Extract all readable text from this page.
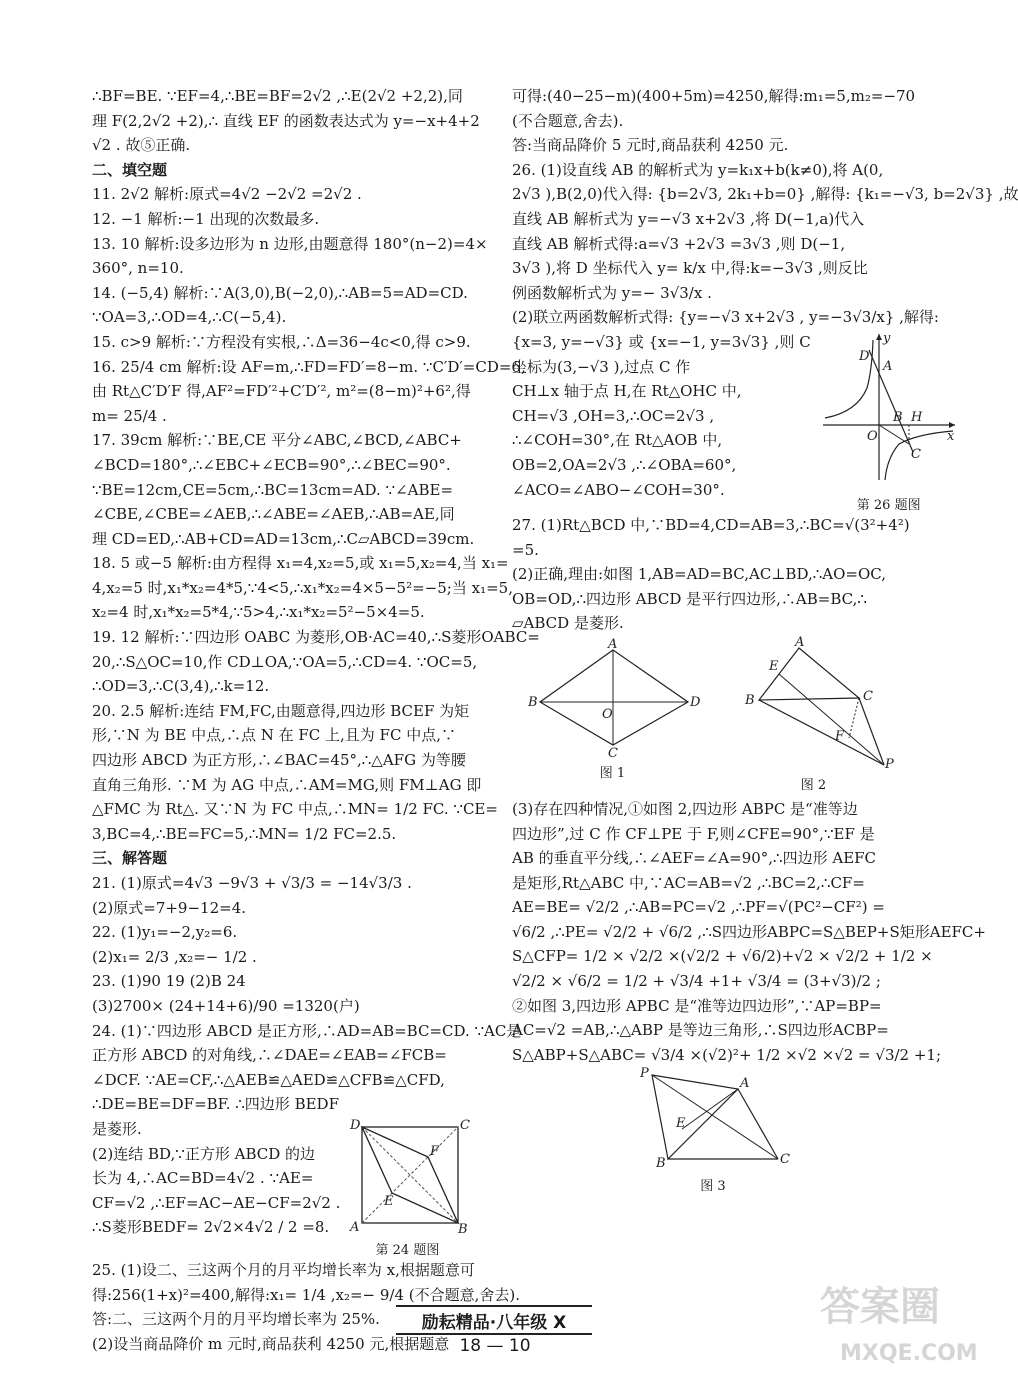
∴BF=BE. ∵EF=4,∴BE=BF=2√2 ,∴E(2√2 +2,2),同
理 F(2,2√2 +2),∴ 直线 EF 的函数表达式为 y=−x+4+2
√2 . 故⑤正确.
二、填空题
11. 2√2 解析:原式=4√2 −2√2 =2√2 .
12. −1 解析:−1 出现的次数最多.
13. 10 解析:设多边形为 n 边形,由题意得 180°(n−2)=4×
360°, n=10.
14. (−5,4) 解析:∵A(3,0),B(−2,0),∴AB=5=AD=CD.
∵OA=3,∴OD=4,∴C(−5,4).
15. c>9 解析:∵方程没有实根,∴Δ=36−4c<0,得 c>9.
16. 25/4 cm 解析:设 AF=m,∴FD=FD′=8−m. ∵C′D′=CD=6,
由 Rt△C′D′F 得,AF²=FD′²+C′D′², m²=(8−m)²+6²,得
m= 25/4 .
17. 39cm 解析:∵BE,CE 平分∠ABC,∠BCD,∠ABC+
∠BCD=180°,∴∠EBC+∠ECB=90°,∴∠BEC=90°.
∵BE=12cm,CE=5cm,∴BC=13cm=AD. ∵∠ABE=
∠CBE,∠CBE=∠AEB,∴∠ABE=∠AEB,∴AB=AE,同
理 CD=ED,∴AB+CD=AD=13cm,∴C▱ABCD=39cm.
18. 5 或−5 解析:由方程得 x₁=4,x₂=5,或 x₁=5,x₂=4,当 x₁=
4,x₂=5 时,x₁*x₂=4*5,∵4<5,∴x₁*x₂=4×5−5²=−5;当 x₁=5,
x₂=4 时,x₁*x₂=5*4,∵5>4,∴x₁*x₂=5²−5×4=5.
19. 12 解析:∵四边形 OABC 为菱形,OB·AC=40,∴S菱形OABC=
20,∴S△OC=10,作 CD⊥OA,∵OA=5,∴CD=4. ∵OC=5,
∴OD=3,∴C(3,4),∴k=12.
20. 2.5 解析:连结 FM,FC,由题意得,四边形 BCEF 为矩
形,∵N 为 BE 中点,∴点 N 在 FC 上,且为 FC 中点,∵
四边形 ABCD 为正方形,∴∠BAC=45°,∴△AFG 为等腰
直角三角形. ∵M 为 AG 中点,∴AM=MG,则 FM⊥AG 即
△FMC 为 Rt△. 又∵N 为 FC 中点,∴MN= 1/2 FC. ∵CE=
3,BC=4,∴BE=FC=5,∴MN= 1/2 FC=2.5.
三、解答题
21. (1)原式=4√3 −9√3 + √3/3 = −14√3/3 .
(2)原式=7+9−12=4.
22. (1)y₁=−2,y₂=6.
(2)x₁= 2/3 ,x₂=− 1/2 .
23. (1)90 19 (2)B 24
(3)2700× (24+14+6)/90 =1320(户)
24. (1)∵四边形 ABCD 是正方形,∴AD=AB=BC=CD. ∵AC是
正方形 ABCD 的对角线,∴∠DAE=∠EAB=∠FCB=
∠DCF. ∵AE=CF,∴△AEB≌△AED≌△CFB≌△CFD,
∴DE=BE=DF=BF. ∴四边形 BEDF
是菱形.
(2)连结 BD,∵正方形 ABCD 的边
长为 4,∴AC=BD=4√2 . ∵AE=
CF=√2 ,∴EF=AC−AE−CF=2√2 .
∴S菱形BEDF= 2√2×4√2 / 2 =8.
D	C
A	B
F
E
第 24 题图
25. (1)设二、三这两个月的月平均增长率为 x,根据题意可
得:256(1+x)²=400,解得:x₁= 1/4 ,x₂=− 9/4 (不合题意,舍去).
答:二、三这两个月的月平均增长率为 25%.
(2)设当商品降价 m 元时,商品获利 4250 元,根据题意
可得:(40−25−m)(400+5m)=4250,解得:m₁=5,m₂=−70
(不合题意,舍去).
答:当商品降价 5 元时,商品获利 4250 元.
26. (1)设直线 AB 的解析式为 y=k₁x+b(k≠0),将 A(0,
2√3 ),B(2,0)代入得: {b=2√3, 2k₁+b=0} ,解得: {k₁=−√3, b=2√3} ,故
直线 AB 解析式为 y=−√3 x+2√3 ,将 D(−1,a)代入
直线 AB 解析式得:a=√3 +2√3 =3√3 ,则 D(−1,
3√3 ),将 D 坐标代入 y= k/x 中,得:k=−3√3 ,则反比
例函数解析式为 y=− 3√3/x .
(2)联立两函数解析式得: {y=−√3 x+2√3 , y=−3√3/x} ,解得:
{x=3, y=−√3} 或 {x=−1, y=3√3} ,则 C
坐标为(3,−√3 ),过点 C 作
CH⊥x 轴于点 H,在 Rt△OHC 中,
CH=√3 ,OH=3,∴OC=2√3 ,
∴∠COH=30°,在 Rt△AOB 中,
OB=2,OA=2√3 ,∴∠OBA=60°,
∠ACO=∠ABO−∠COH=30°.
y
D
A
O
B H
C
x
第 26 题图
27. (1)Rt△BCD 中,∵BD=4,CD=AB=3,∴BC=√(3²+4²)
=5.
(2)正确,理由:如图 1,AB=AD=BC,AC⊥BD,∴AO=OC,
OB=OD,∴四边形 ABCD 是平行四边形,∴AB=BC,∴
▱ABCD 是菱形.
A
B
O
D
C
图 1
A
E
B	C
F
P
图 2
(3)存在四种情况,①如图 2,四边形 ABPC 是“准等边
四边形”,过 C 作 CF⊥PE 于 F,则∠CFE=90°,∵EF 是
AB 的垂直平分线,∴∠AEF=∠A=90°,∴四边形 AEFC
是矩形,Rt△ABC 中,∵AC=AB=√2 ,∴BC=2,∴CF=
AE=BE= √2/2 ,∴AB=PC=√2 ,∴PF=√(PC²−CF²) =
√6/2 ,∴PE= √2/2 + √6/2 ,∴S四边形ABPC=S△BEP+S矩形AEFC+
S△CFP= 1/2 × √2/2 ×(√2/2 + √6/2)+√2 × √2/2 + 1/2 ×
√2/2 × √6/2 = 1/2 + √3/4 +1+ √3/4 = (3+√3)/2 ;
②如图 3,四边形 APBC 是“准等边四边形”,∵AP=BP=
AC=√2 =AB,∴△ABP 是等边三角形,∴S四边形ACBP=
S△ABP+S△ABC= √3/4 ×(√2)²+ 1/2 ×√2 ×√2 = √3/2 +1;
P
A
E
B	C
图 3
励耘精品·八年级 X
18 — 10
答案圈
MXQE.COM
